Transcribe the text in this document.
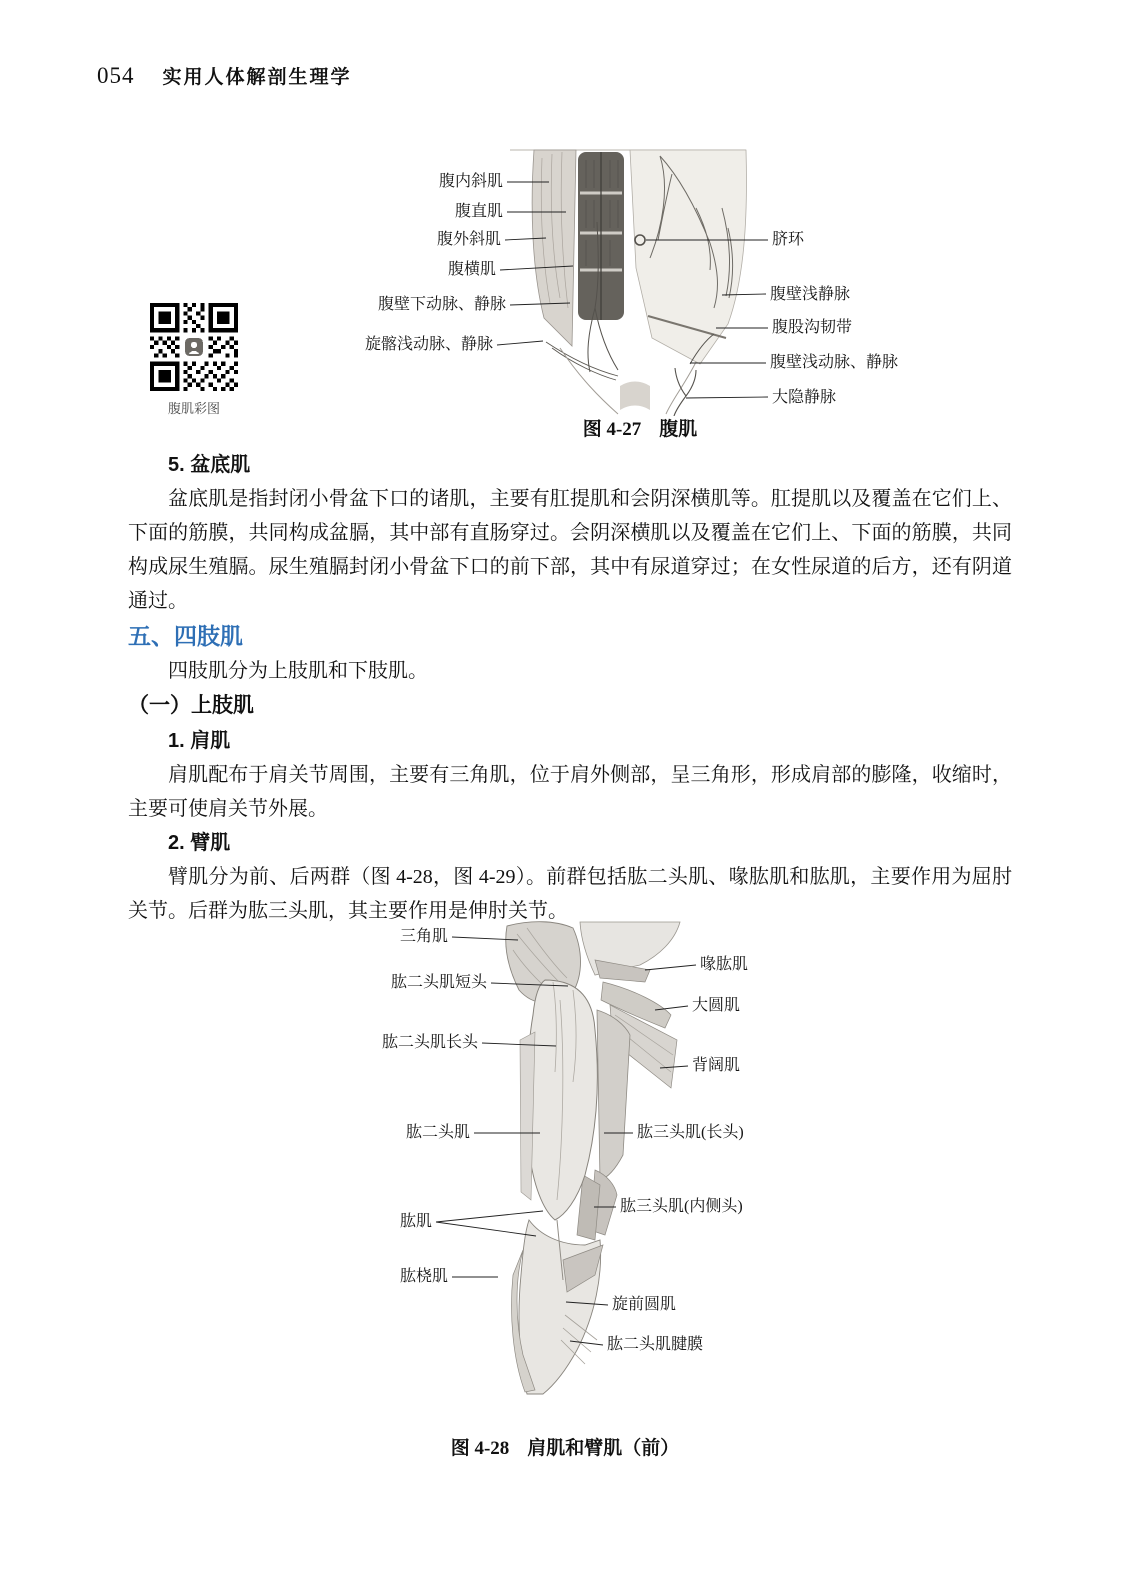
054 实用人体解剖生理学
腹肌彩图
腹内斜肌
腹直肌
腹外斜肌
腹横肌
腹壁下动脉、静脉
旋髂浅动脉、静脉
脐环
腹壁浅静脉
腹股沟韧带
腹壁浅动脉、静脉
大隐静脉
图 4-27 腹肌
5. 盆底肌

盆底肌是指封闭小骨盆下口的诸肌，主要有肛提肌和会阴深横肌等。肛提肌以及覆盖在它们上、下面的筋膜，共同构成盆膈，其中部有直肠穿过。会阴深横肌以及覆盖在它们上、下面的筋膜，共同构成尿生殖膈。尿生殖膈封闭小骨盆下口的前下部，其中有尿道穿过；在女性尿道的后方，还有阴道通过。

五、四肢肌

四肢肌分为上肢肌和下肢肌。

（一）上肢肌
1. 肩肌

肩肌配布于肩关节周围，主要有三角肌，位于肩外侧部，呈三角形，形成肩部的膨隆，收缩时，主要可使肩关节外展。

2. 臂肌

臂肌分为前、后两群（图 4-28，图 4-29）。前群包括肱二头肌、喙肱肌和肱肌，主要作用为屈肘关节。后群为肱三头肌，其主要作用是伸肘关节。

三角肌
肱二头肌短头
肱二头肌长头
肱二头肌
肱肌
肱桡肌
喙肱肌
大圆肌
背阔肌
肱三头肌(长头)
肱三头肌(内侧头)
旋前圆肌
肱二头肌腱膜
图 4-28 肩肌和臂肌（前）
